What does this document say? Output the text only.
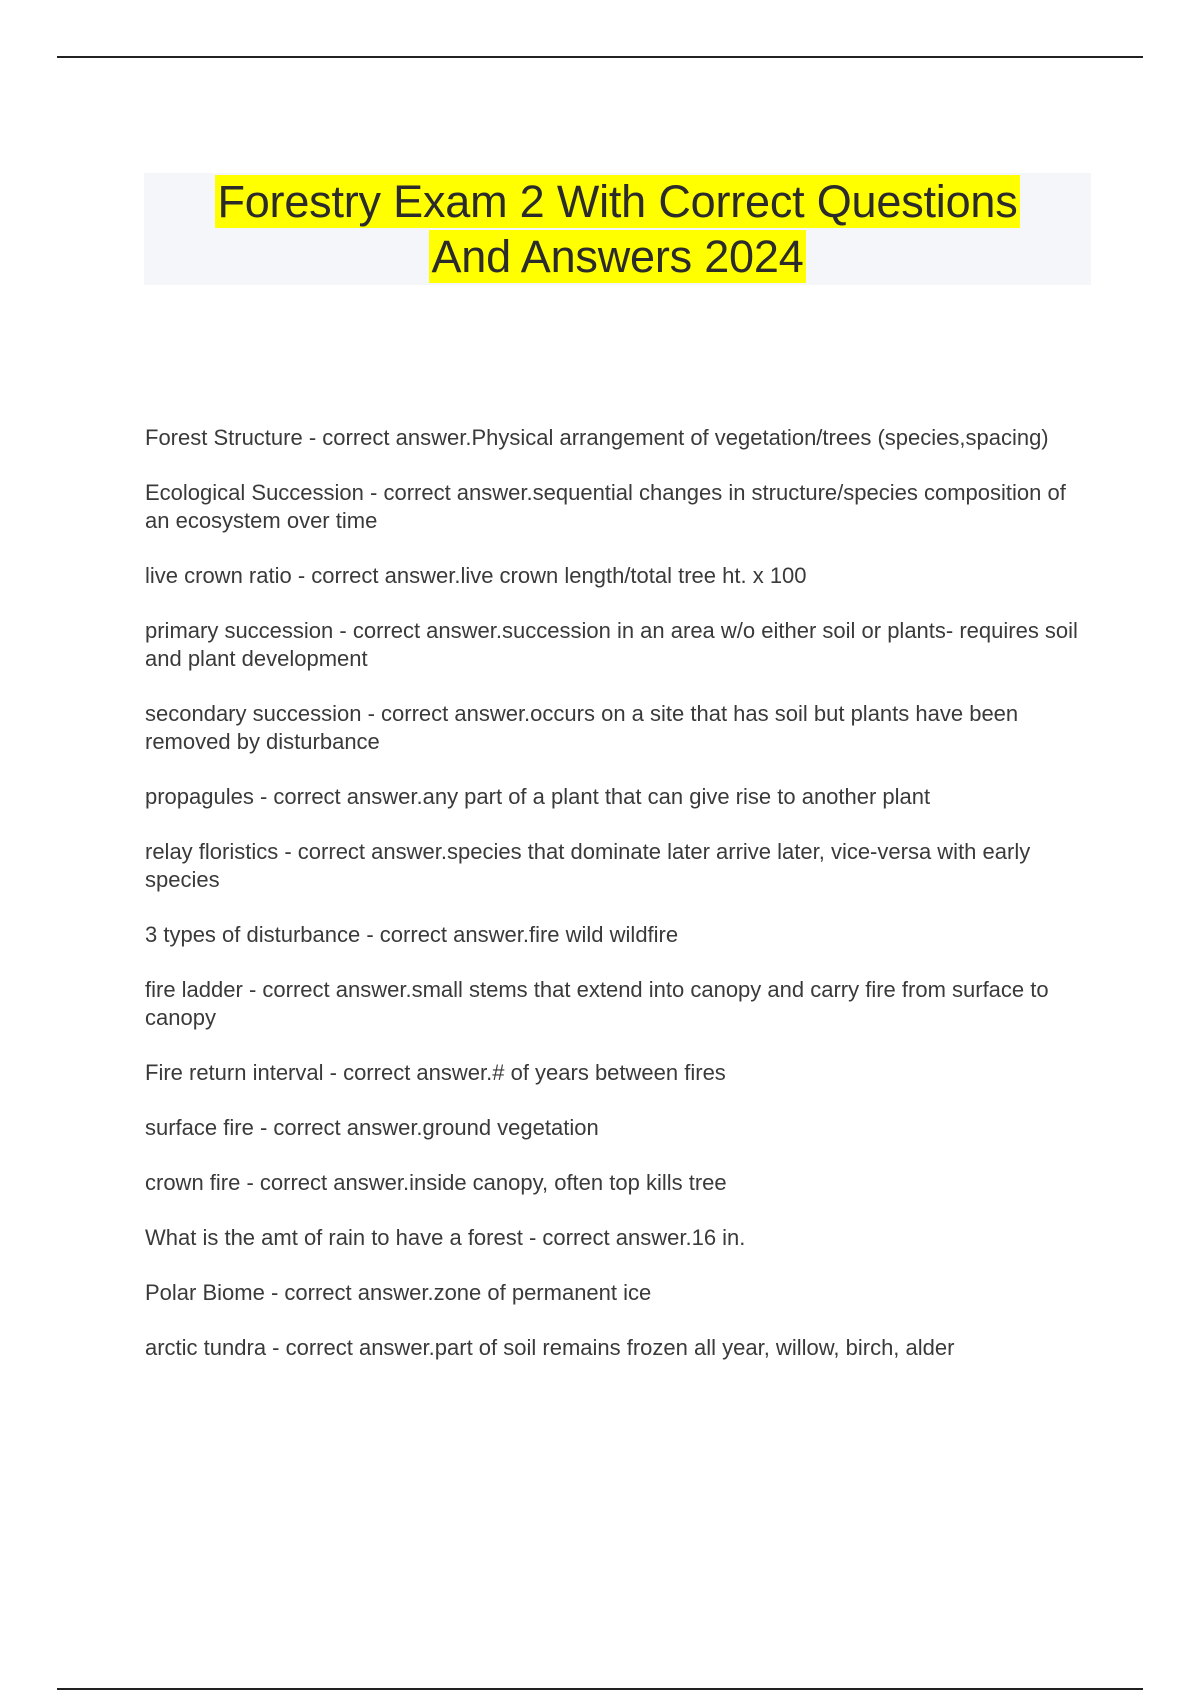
Forestry Exam 2 With Correct Questions
And Answers 2024
Forest Structure - correct answer.Physical arrangement of vegetation/trees (species,spacing)
Ecological Succession - correct answer.sequential changes in structure/species composition of an ecosystem over time
live crown ratio - correct answer.live crown length/total tree ht. x 100
primary succession - correct answer.succession in an area w/o either soil or plants- requires soil and plant development
secondary succession - correct answer.occurs on a site that has soil but plants have been removed by disturbance
propagules - correct answer.any part of a plant that can give rise to another plant
relay floristics - correct answer.species that dominate later arrive later, vice-versa with early species
3 types of disturbance - correct answer.fire wild wildfire
fire ladder - correct answer.small stems that extend into canopy and carry fire from surface to canopy
Fire return interval - correct answer.# of years between fires
surface fire - correct answer.ground vegetation
crown fire - correct answer.inside canopy, often top kills tree
What is the amt of rain to have a forest - correct answer.16 in.
Polar Biome - correct answer.zone of permanent ice
arctic tundra - correct answer.part of soil remains frozen all year, willow, birch, alder
